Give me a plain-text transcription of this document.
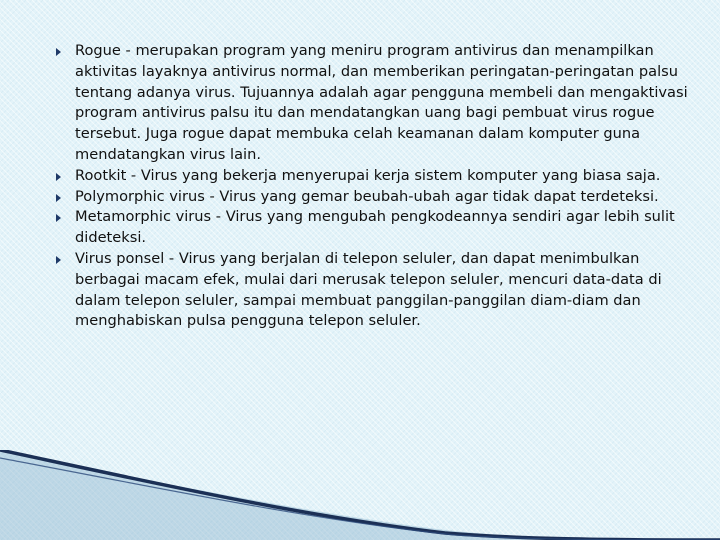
Rogue - merupakan program yang meniru program antivirus dan menampilkan aktivitas layaknya antivirus normal, dan memberikan peringatan-peringatan palsu tentang adanya virus. Tujuannya adalah agar pengguna membeli dan mengaktivasi program antivirus palsu itu dan mendatangkan uang bagi pembuat virus rogue tersebut. Juga rogue dapat membuka celah keamanan dalam komputer guna mendatangkan virus lain.
Rootkit - Virus yang bekerja menyerupai kerja sistem komputer yang biasa saja.
Polymorphic virus - Virus yang gemar beubah-ubah agar tidak dapat terdeteksi.
Metamorphic virus - Virus yang mengubah pengkodeannya sendiri agar lebih sulit dideteksi.
Virus ponsel - Virus yang berjalan di telepon seluler, dan dapat menimbulkan berbagai macam efek, mulai dari merusak telepon seluler, mencuri data-data di dalam telepon seluler, sampai membuat panggilan-panggilan diam-diam dan menghabiskan pulsa pengguna telepon seluler.
